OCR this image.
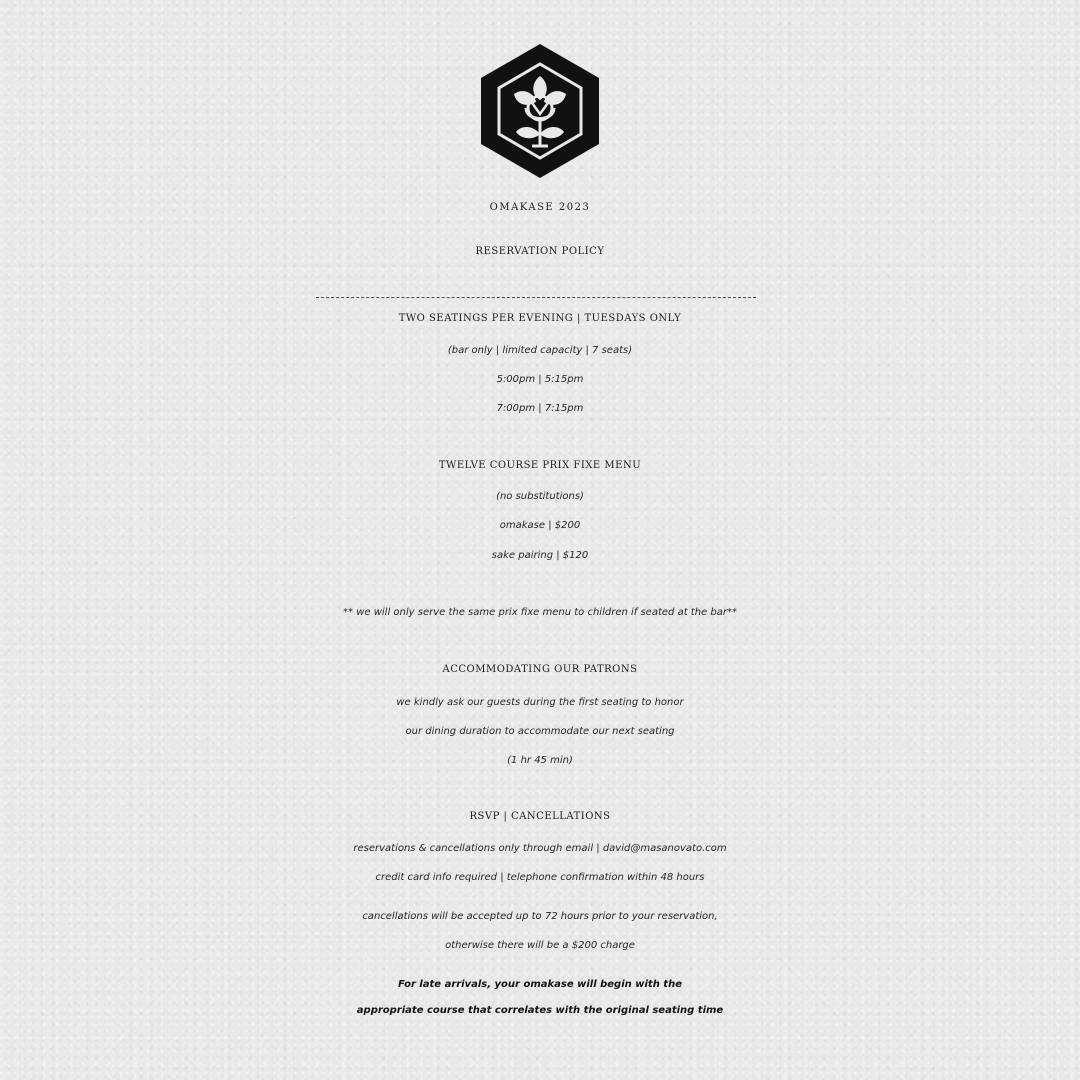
OMAKASE 2023
RESERVATION POLICY
TWO SEATINGS PER EVENING | TUESDAYS ONLY
(bar only | limited capacity | 7 seats)
5:00pm | 5:15pm
7:00pm | 7:15pm
TWELVE COURSE PRIX FIXE MENU
(no substitutions)
omakase | $200
sake pairing | $120
** we will only serve the same prix fixe menu to children if seated at the bar**
ACCOMMODATING OUR PATRONS
we kindly ask our guests during the first seating to honor
our dining duration to accommodate our next seating
(1 hr 45 min)
RSVP | CANCELLATIONS
reservations & cancellations only through email | david@masanovato.com
credit card info required | telephone confirmation within 48 hours
cancellations will be accepted up to 72 hours prior to your reservation,
otherwise there will be a $200 charge
For late arrivals, your omakase will begin with the
appropriate course that correlates with the original seating time
